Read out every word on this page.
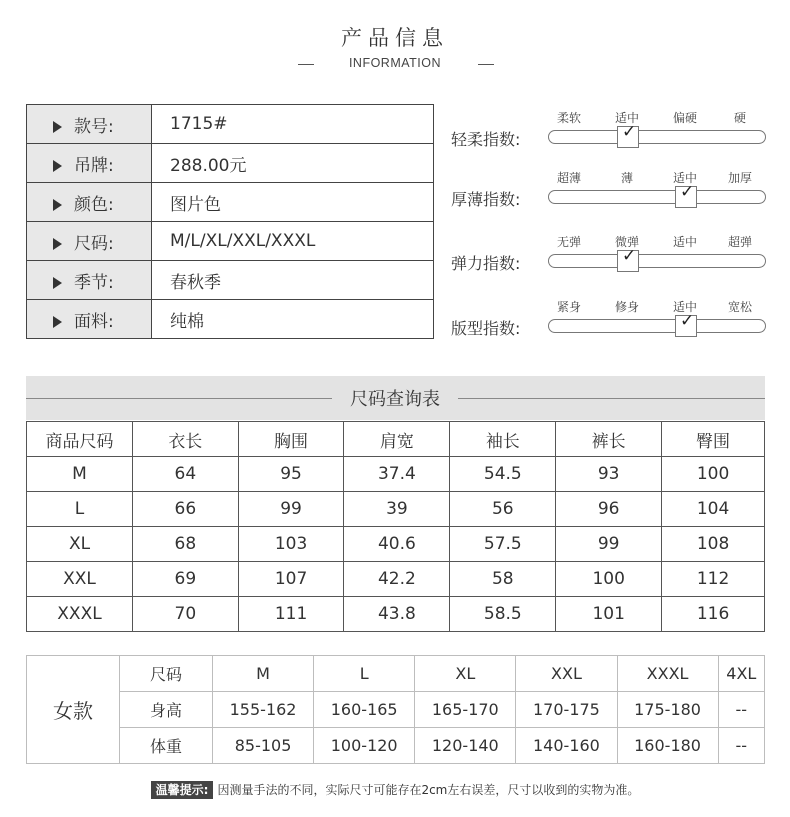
产品信息
INFORMATION
款号:	1715#
吊牌:	288.00元
颜色:	图片色
尺码:	M/L/XL/XXL/XXXL
季节:	春秋季
面料:	纯棉
轻柔指数:
柔软	适中	偏硬	硬
✓
厚薄指数:
超薄	薄	适中	加厚
✓
弹力指数:
无弹	微弹	适中	超弹
✓
版型指数:
紧身	修身	适中	宽松
✓
尺码查询表
商品尺码	衣长	胸围	肩宽	袖长	裤长	臀围
M	64	95	37.4	54.5	93	100
L	66	99	39	56	96	104
XL	68	103	40.6	57.5	99	108
XXL	69	107	42.2	58	100	112
XXXL	70	111	43.8	58.5	101	116
女款	尺码	M	L	XL	XXL	XXXL	4XL
	身高	155-162	160-165	165-170	170-175	175-180	--
	体重	85-105	100-120	120-140	140-160	160-180	--
温馨提示: 因测量手法的不同，实际尺寸可能存在2cm左右误差，尺寸以收到的实物为准。
